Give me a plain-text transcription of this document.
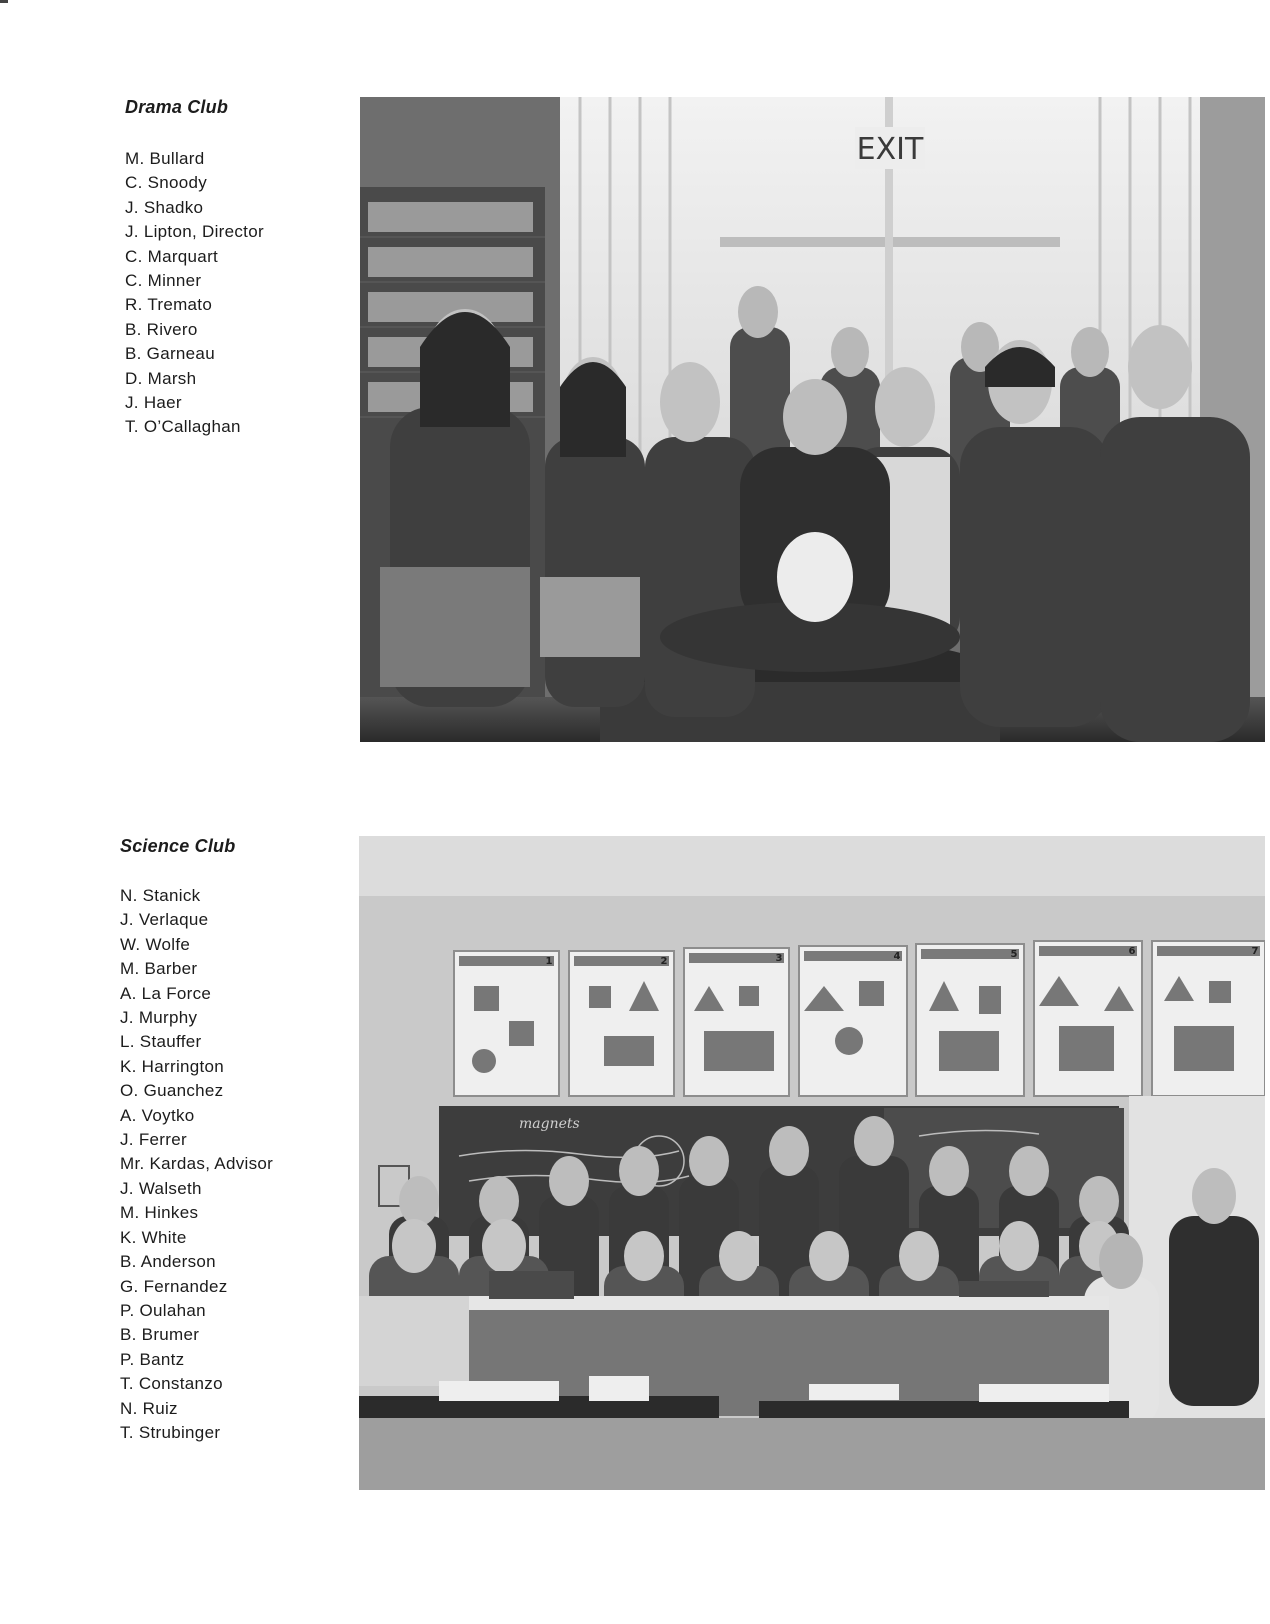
Drama Club
M. Bullard
C. Snoody
J. Shadko
J. Lipton, Director
C. Marquart
C. Minner
R. Tremato
B. Rivero
B. Garneau
D. Marsh
J. Haer
T. O’Callaghan
EXIT
Science Club
N. Stanick
J. Verlaque
W. Wolfe
M. Barber
A. La Force
J. Murphy
L. Stauffer
K. Harrington
O. Guanchez
A. Voytko
J. Ferrer
Mr. Kardas, Advisor
J. Walseth
M. Hinkes
K. White
B. Anderson
G. Fernandez
P. Oulahan
B. Brumer
P. Bantz
T. Constanzo
N. Ruiz
T. Strubinger
1	2	3	4	5	6	7
magnets
